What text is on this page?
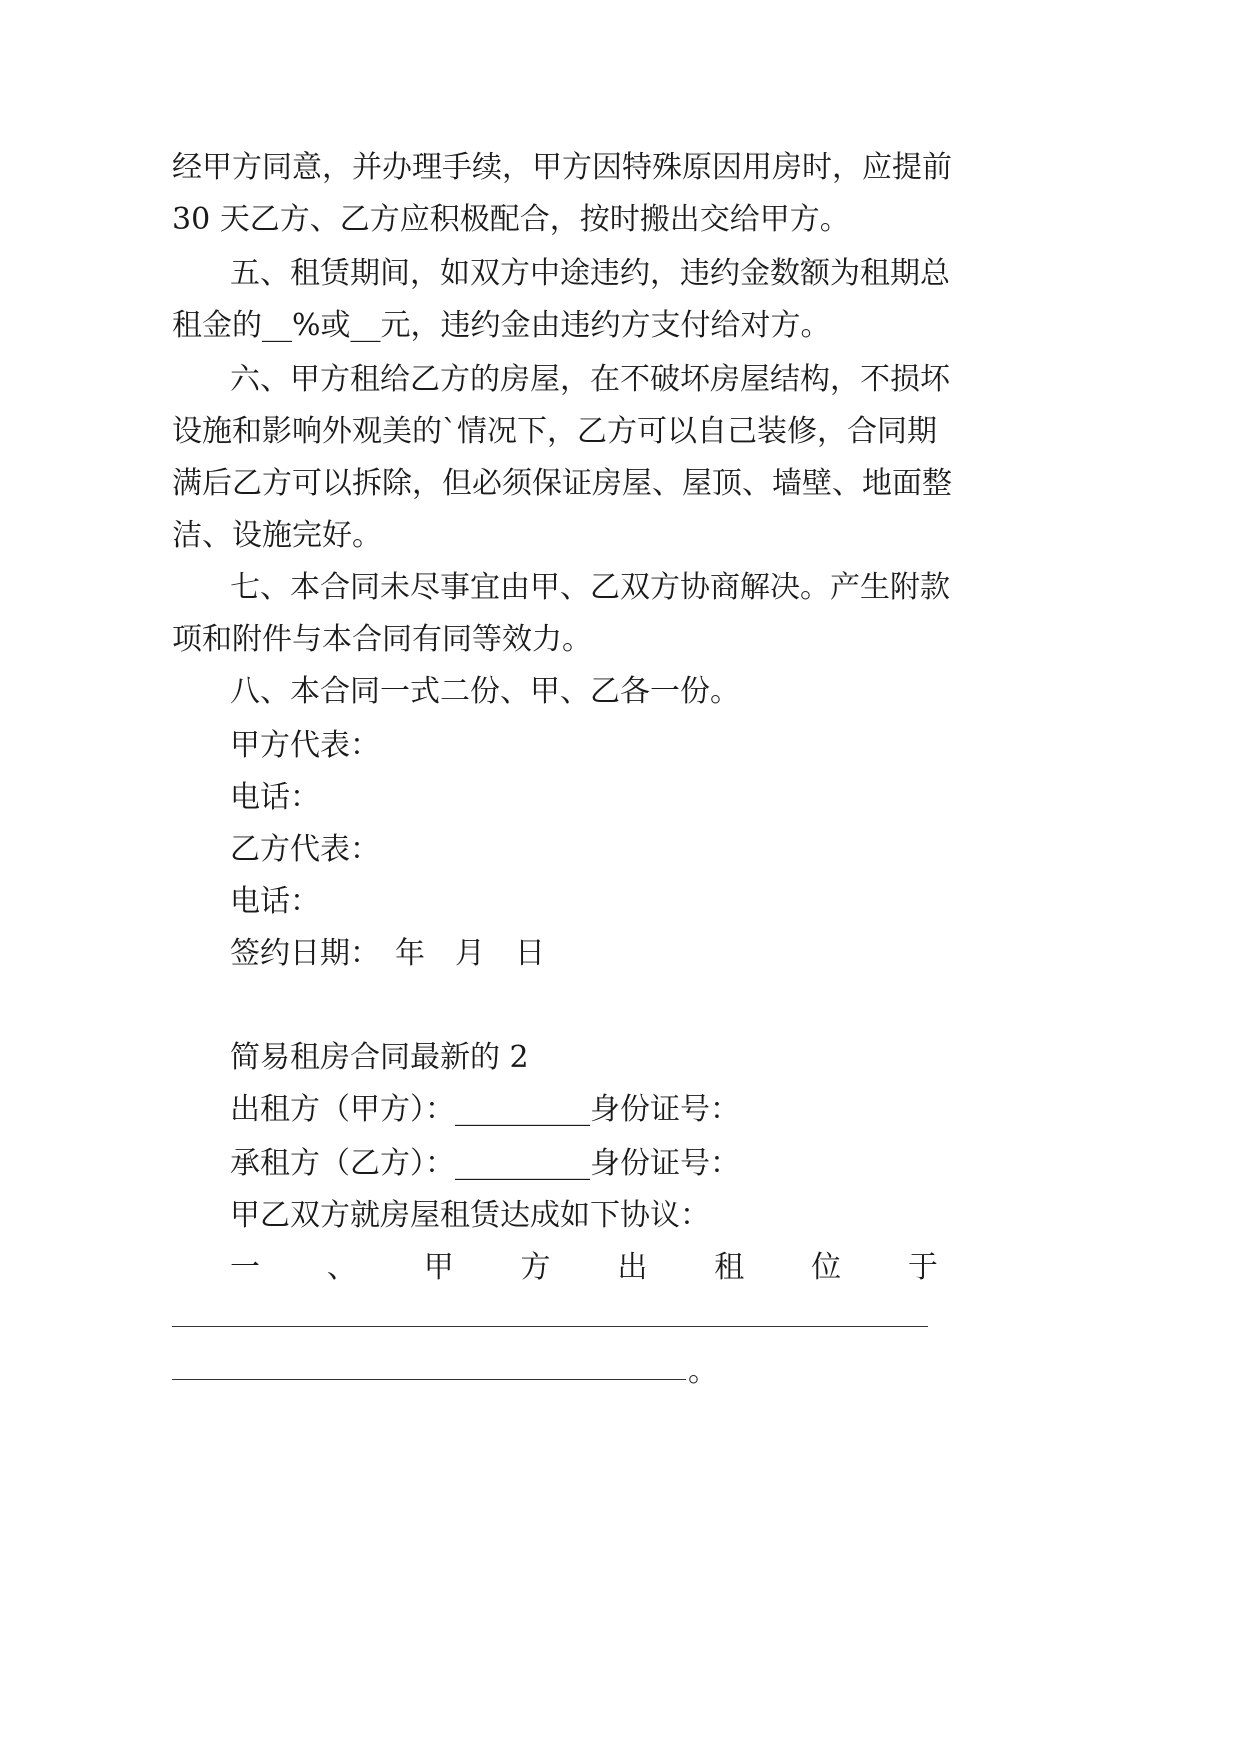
经甲方同意，并办理手续，甲方因特殊原因用房时，应提前
30 天乙方、乙方应积极配合，按时搬出交给甲方。
五、租赁期间，如双方中途违约，违约金数额为租期总
租金的__%或__元，违约金由违约方支付给对方。
六、甲方租给乙方的房屋，在不破坏房屋结构，不损坏
设施和影响外观美的`情况下，乙方可以自己装修，合同期
满后乙方可以拆除，但必须保证房屋、屋顶、墙壁、地面整
洁、设施完好。
七、本合同未尽事宜由甲、乙双方协商解决。产生附款
项和附件与本合同有同等效力。
八、本合同一式二份、甲、乙各一份。
甲方代表：
电话：
乙方代表：
电话：
签约日期：　年　月　日
简易租房合同最新的 2
出租方（甲方）：_________身份证号：
承租方（乙方）：_________身份证号：
甲乙双方就房屋租赁达成如下协议：
一 、 甲 方 出 租 位 于
。
